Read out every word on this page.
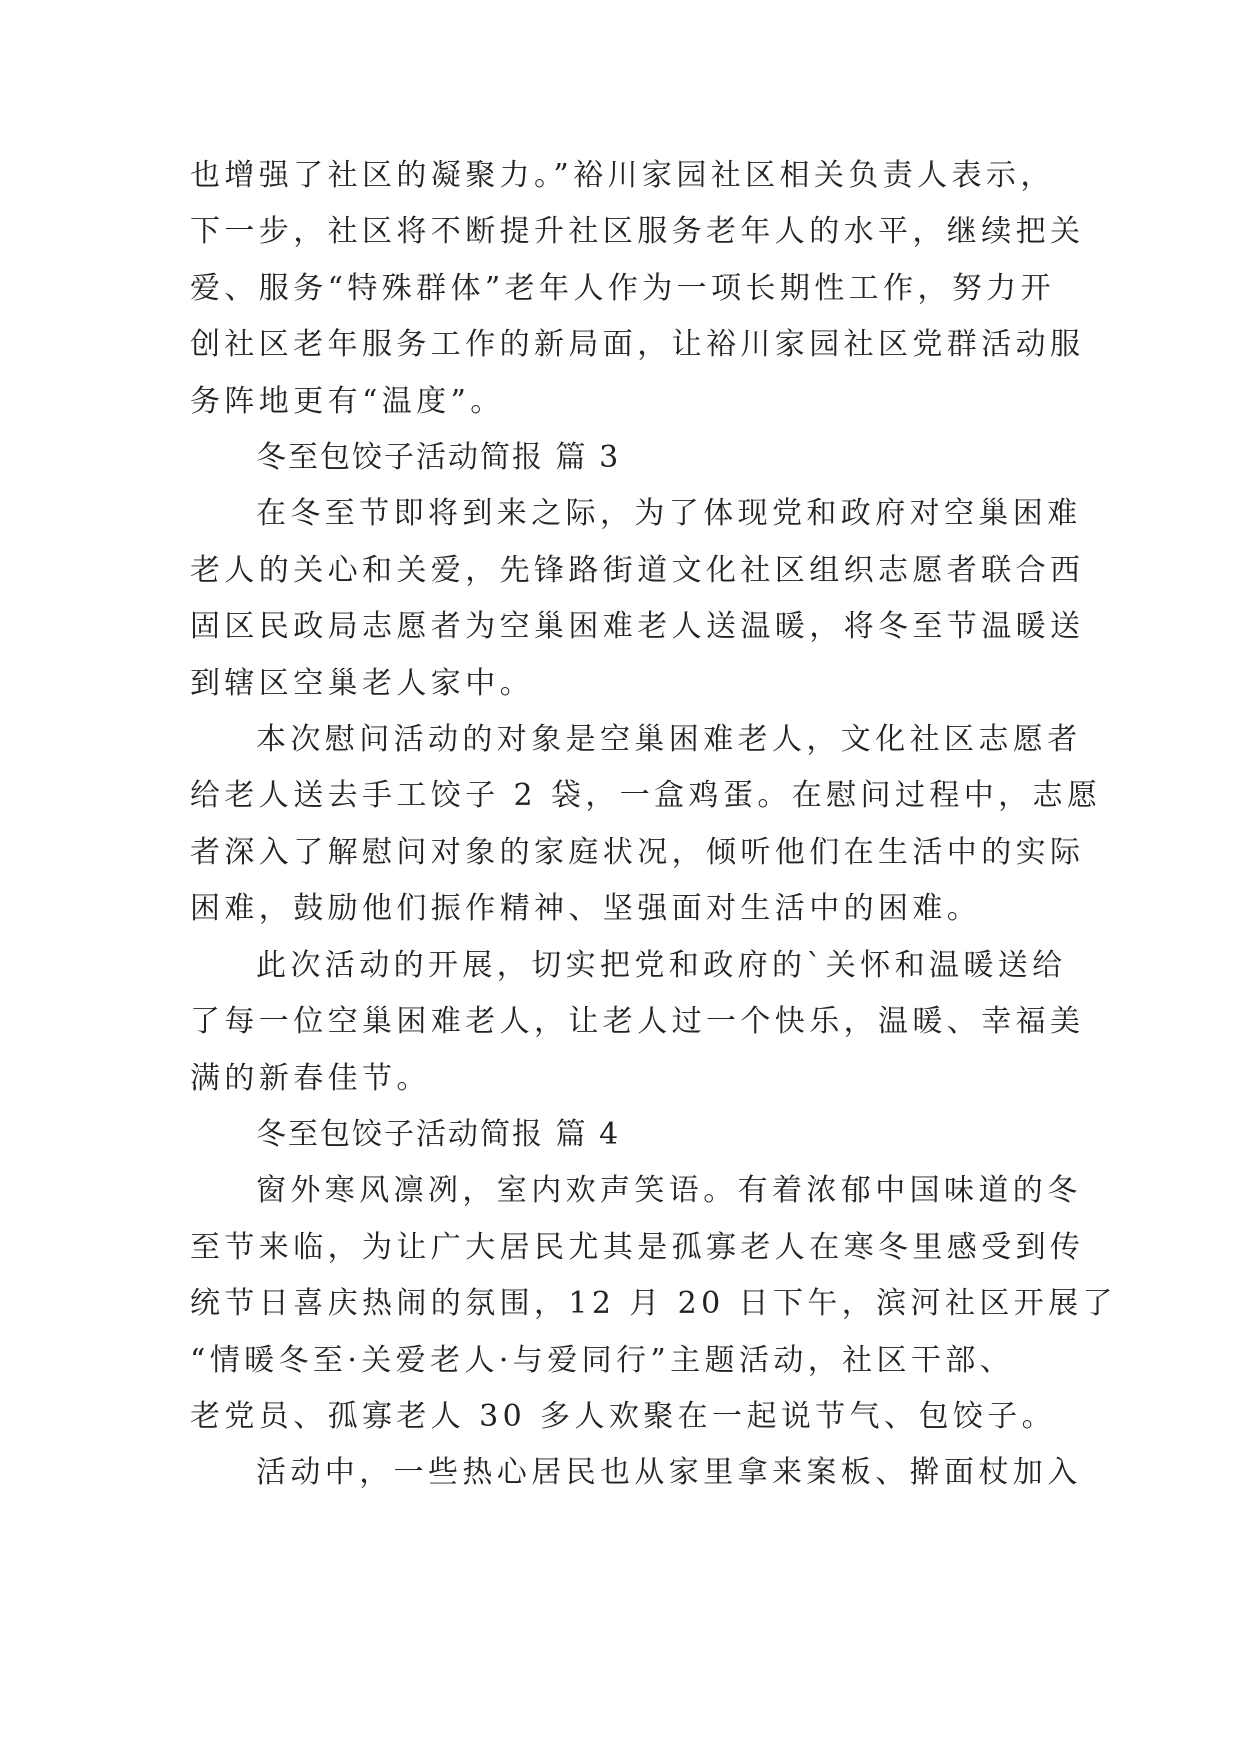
也增强了社区的凝聚力。”裕川家园社区相关负责人表示，
下一步，社区将不断提升社区服务老年人的水平，继续把关
爱、服务“特殊群体”老年人作为一项长期性工作，努力开
创社区老年服务工作的新局面，让裕川家园社区党群活动服
务阵地更有“温度”。

冬至包饺子活动简报 篇 3

在冬至节即将到来之际，为了体现党和政府对空巢困难
老人的关心和关爱，先锋路街道文化社区组织志愿者联合西
固区民政局志愿者为空巢困难老人送温暖，将冬至节温暖送
到辖区空巢老人家中。
本次慰问活动的对象是空巢困难老人，文化社区志愿者
给老人送去手工饺子 2 袋，一盒鸡蛋。在慰问过程中，志愿
者深入了解慰问对象的家庭状况，倾听他们在生活中的实际
困难，鼓励他们振作精神、坚强面对生活中的困难。
此次活动的开展，切实把党和政府的`关怀和温暖送给
了每一位空巢困难老人，让老人过一个快乐，温暖、幸福美
满的新春佳节。

冬至包饺子活动简报 篇 4

窗外寒风凛冽，室内欢声笑语。有着浓郁中国味道的冬
至节来临，为让广大居民尤其是孤寡老人在寒冬里感受到传
统节日喜庆热闹的氛围，12 月 20 日下午，滨河社区开展了
“情暖冬至·关爱老人·与爱同行”主题活动，社区干部、
老党员、孤寡老人 30 多人欢聚在一起说节气、包饺子。
活动中，一些热心居民也从家里拿来案板、擀面杖加入
